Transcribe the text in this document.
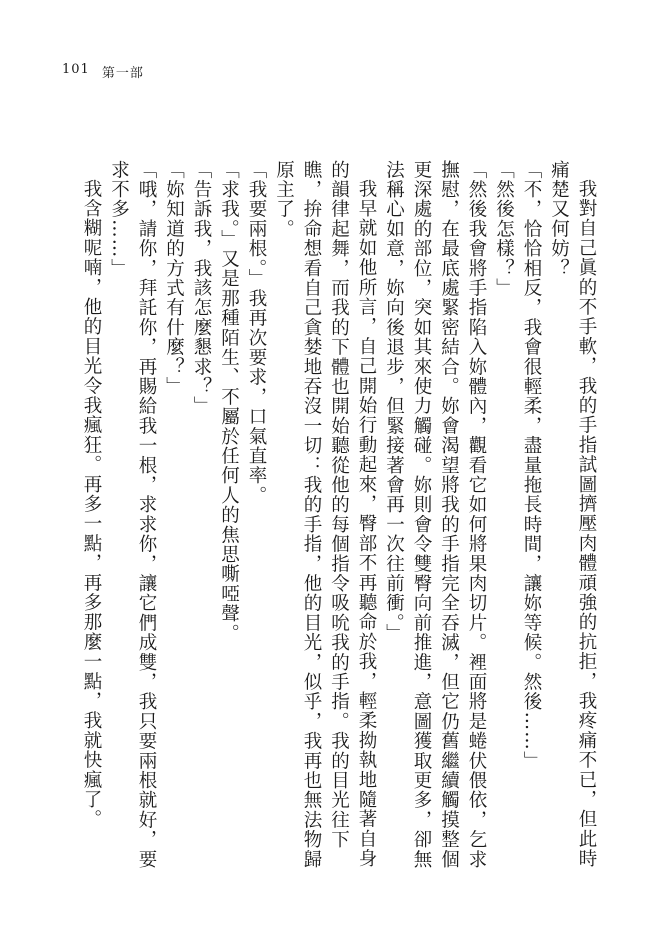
101 第一部

我對自己眞的不手軟，我的手指試圖擠壓肉體頑強的抗拒，我疼痛不已，但此時痛楚又何妨？

「不，恰恰相反，我會很輕柔，盡量拖長時間，讓妳等候。然後……」

「然後怎樣？」

「然後我會將手指陷入妳體內，觀看它如何將果肉切片。裡面將是蜷伏偎依，乞求撫慰，在最底處緊密結合。妳會渴望將我的手指完全吞滅，但它仍舊繼續觸摸整個更深處的部位，突如其來使力觸碰。妳則會令雙臀向前推進，意圖獲取更多，卻無法稱心如意，妳向後退步，但緊接著會再一次往前衝。」

我早就如他所言，自己開始行動起來，臀部不再聽命於我，輕柔拗執地隨著自身的韻律起舞，而我的下體也開始聽從他的每個指令吸吮我的手指。我的目光往下瞧，拚命想看自己貪婪地吞沒一切：我的手指，他的目光，似乎，我再也無法物歸原主了。

「我要兩根。」我再次要求，口氣直率。

「求我。」又是那種陌生、不屬於任何人的焦思嘶啞聲。

「告訴我，我該怎麼懇求？」

「妳知道的方式有什麼？」

「哦，請你，拜託你，再賜給我一根，求求你，讓它們成雙，我只要兩根就好，要求不多……」

我含糊呢喃，他的目光令我瘋狂。再多一點，再多那麼一點，我就快瘋了。
